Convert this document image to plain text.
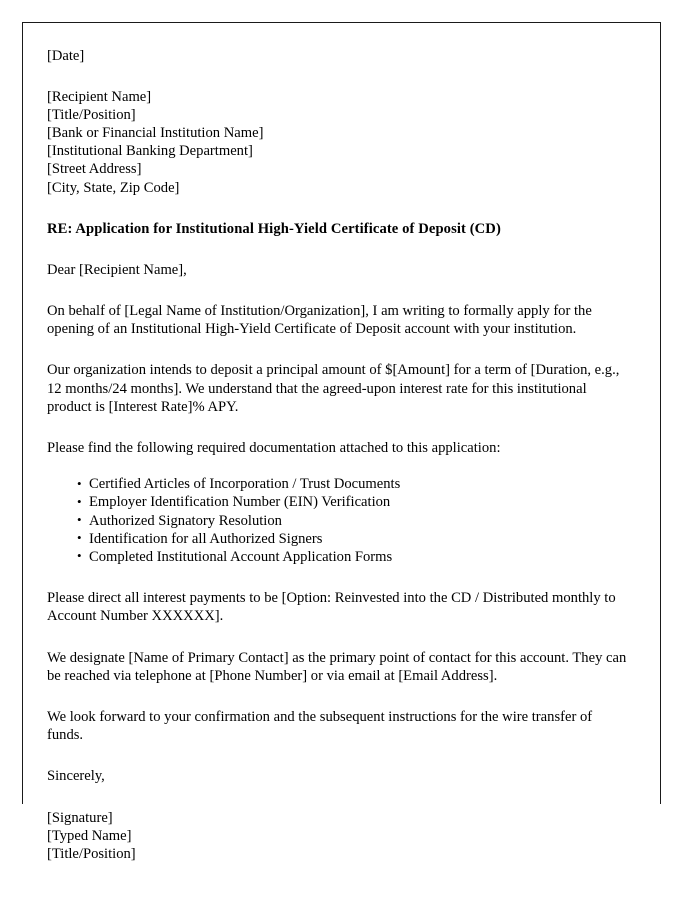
[Date]
[Recipient Name]
[Title/Position]
[Bank or Financial Institution Name]
[Institutional Banking Department]
[Street Address]
[City, State, Zip Code]

RE: Application for Institutional High-Yield Certificate of Deposit (CD)

Dear [Recipient Name],

On behalf of [Legal Name of Institution/Organization], I am writing to formally apply for the opening of an Institutional High-Yield Certificate of Deposit account with your institution.

Our organization intends to deposit a principal amount of $[Amount] for a term of [Duration, e.g., 12 months/24 months]. We understand that the agreed-upon interest rate for this institutional product is [Interest Rate]% APY.

Please find the following required documentation attached to this application:

• Certified Articles of Incorporation / Trust Documents
• Employer Identification Number (EIN) Verification
• Authorized Signatory Resolution
• Identification for all Authorized Signers
• Completed Institutional Account Application Forms

Please direct all interest payments to be [Option: Reinvested into the CD / Distributed monthly to Account Number XXXXXX].

We designate [Name of Primary Contact] as the primary point of contact for this account. They can be reached via telephone at [Phone Number] or via email at [Email Address].

We look forward to your confirmation and the subsequent instructions for the wire transfer of funds.

Sincerely,

[Signature]
[Typed Name]
[Title/Position]
